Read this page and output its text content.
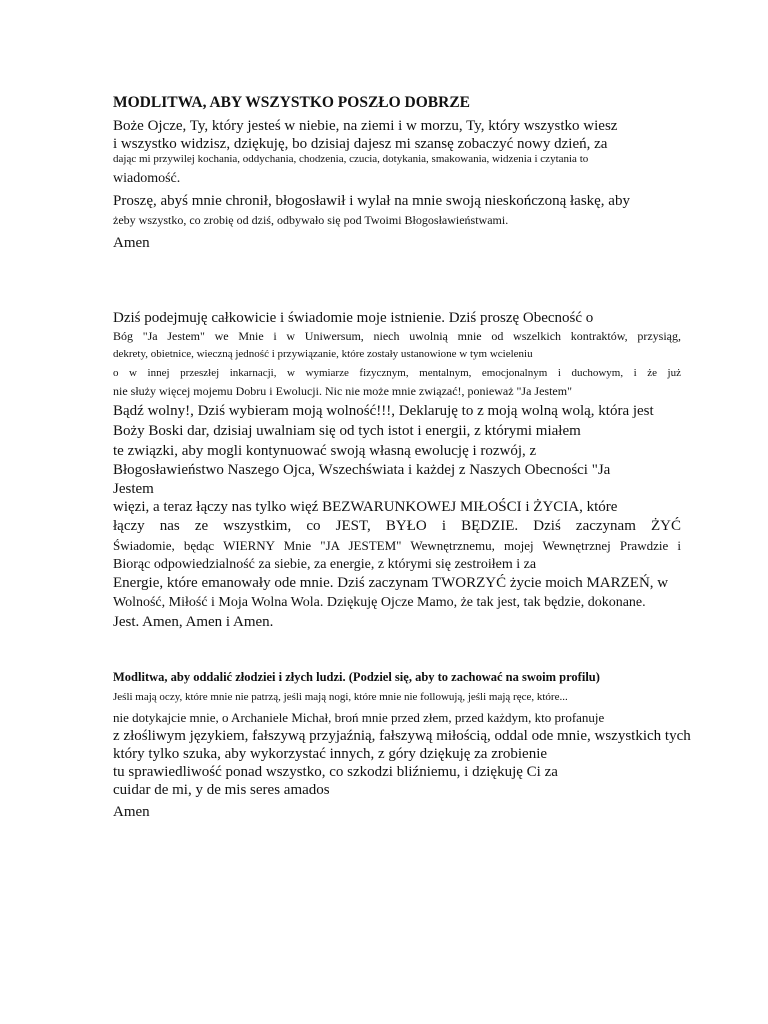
MODLITWA, ABY WSZYSTKO POSZŁO DOBRZE
Boże Ojcze, Ty, który jesteś w niebie, na ziemi i w morzu, Ty, który wszystko wiesz
i wszystko widzisz, dziękuję, bo dzisiaj dajesz mi szansę zobaczyć nowy dzień, za
dając mi przywilej kochania, oddychania, chodzenia, czucia, dotykania, smakowania, widzenia i czytania to
wiadomość.
Proszę, abyś mnie chronił, błogosławił i wylał na mnie swoją nieskończoną łaskę, aby
żeby wszystko, co zrobię od dziś, odbywało się pod Twoimi Błogosławieństwami.
Amen
Dziś podejmuję całkowicie i świadomie moje istnienie. Dziś proszę Obecność o
Bóg "Ja Jestem" we Mnie i w Uniwersum, niech uwolnią mnie od wszelkich kontraktów, przysiąg,
dekrety, obietnice, wieczną jedność i przywiązanie, które zostały ustanowione w tym wcieleniu
o w innej przeszłej inkarnacji, w wymiarze fizycznym, mentalnym, emocjonalnym i duchowym, i że już
nie służy więcej mojemu Dobru i Ewolucji. Nic nie może mnie związać!, ponieważ "Ja Jestem"
Bądź wolny!, Dziś wybieram moją wolność!!!, Deklaruję to z moją wolną wolą, która jest
Boży Boski dar, dzisiaj uwalniam się od tych istot i energii, z którymi miałem
te związki, aby mogli kontynuować swoją własną ewolucję i rozwój, z
Błogosławieństwo Naszego Ojca, Wszechświata i każdej z Naszych Obecności "Ja
Jestem
więzi, a teraz łączy nas tylko więź BEZWARUNKOWEJ MIŁOŚCI i ŻYCIA, które
łączy nas ze wszystkim, co JEST, BYŁO i BĘDZIE. Dziś zaczynam ŻYĆ
Świadomie, będąc WIERNY Mnie "JA JESTEM" Wewnętrznemu, mojej Wewnętrznej Prawdzie i
Biorąc odpowiedzialność za siebie, za energie, z którymi się zestroiłem i za
Energie, które emanowały ode mnie. Dziś zaczynam TWORZYĆ życie moich MARZEŃ, w
Wolność, Miłość i Moja Wolna Wola. Dziękuję Ojcze Mamo, że tak jest, tak będzie, dokonane.
Jest. Amen, Amen i Amen.
Modlitwa, aby oddalić złodziei i złych ludzi. (Podziel się, aby to zachować na swoim profilu)
Jeśli mają oczy, które mnie nie patrzą, jeśli mają nogi, które mnie nie followują, jeśli mają ręce, które...
nie dotykajcie mnie, o Archaniele Michał, broń mnie przed złem, przed każdym, kto profanuje
z złośliwym językiem, fałszywą przyjaźnią, fałszywą miłością, oddal ode mnie, wszystkich tych
który tylko szuka, aby wykorzystać innych, z góry dziękuję za zrobienie
tu sprawiedliwość ponad wszystko, co szkodzi bliźniemu, i dziękuję Ci za
cuidar de mi, y de mis seres amados
Amen
